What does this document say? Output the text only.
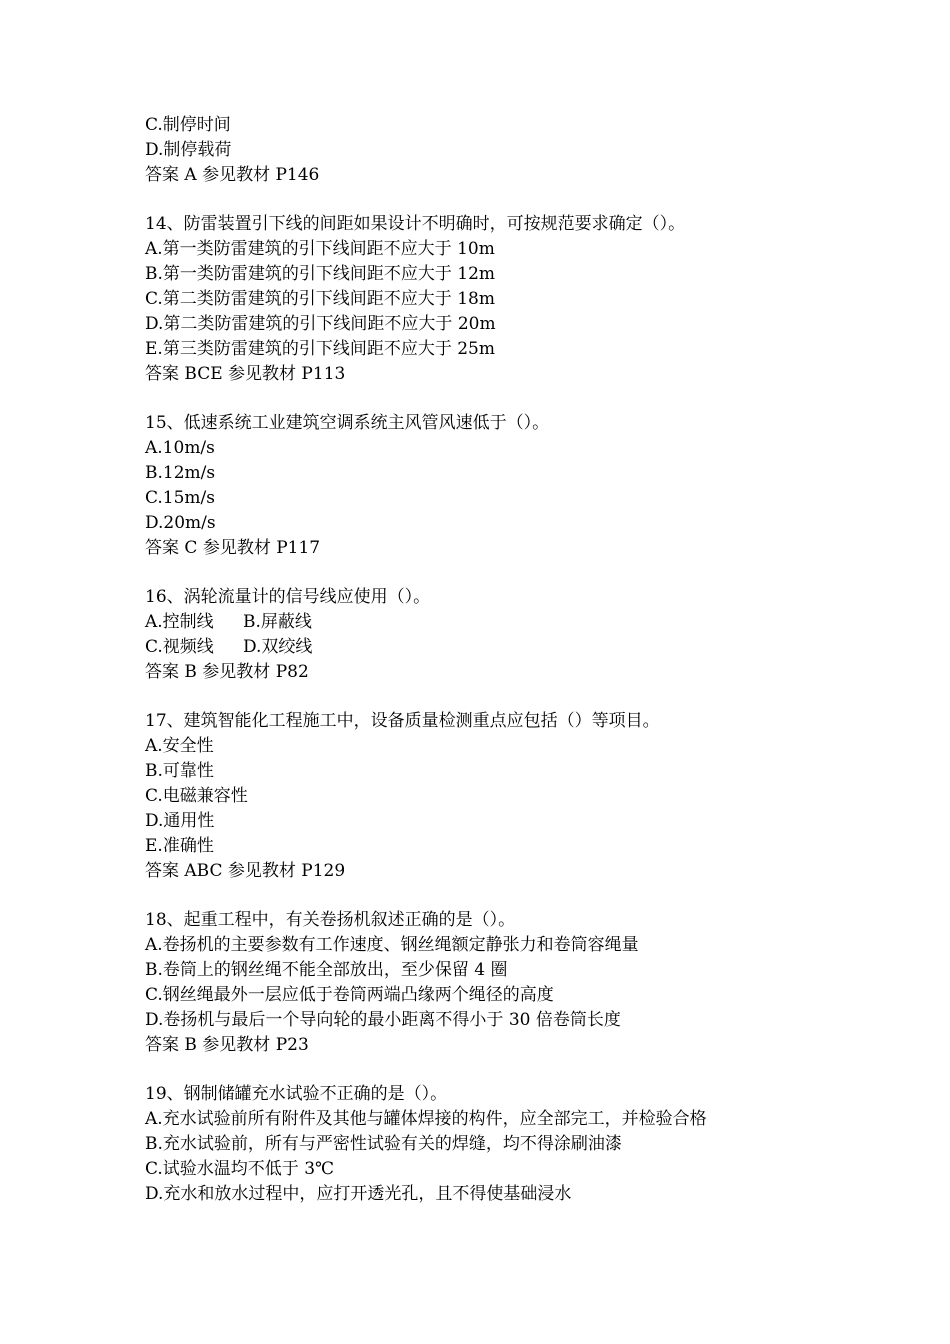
C.制停时间
D.制停载荷
答案 A 参见教材 P146
14、防雷装置引下线的间距如果设计不明确时，可按规范要求确定（）。
A.第一类防雷建筑的引下线间距不应大于 10m
B.第一类防雷建筑的引下线间距不应大于 12m
C.第二类防雷建筑的引下线间距不应大于 18m
D.第二类防雷建筑的引下线间距不应大于 20m
E.第三类防雷建筑的引下线间距不应大于 25m
答案 BCE 参见教材 P113
15、低速系统工业建筑空调系统主风管风速低于（）。
A.10m/s
B.12m/s
C.15m/s
D.20m/s
答案 C 参见教材 P117
16、涡轮流量计的信号线应使用（）。
A.控制线 B.屏蔽线
C.视频线 D.双绞线
答案 B 参见教材 P82
17、建筑智能化工程施工中，设备质量检测重点应包括（）等项目。
A.安全性
B.可靠性
C.电磁兼容性
D.通用性
E.准确性
答案 ABC 参见教材 P129
18、起重工程中，有关卷扬机叙述正确的是（）。
A.卷扬机的主要参数有工作速度、钢丝绳额定静张力和卷筒容绳量
B.卷筒上的钢丝绳不能全部放出，至少保留 4 圈
C.钢丝绳最外一层应低于卷筒两端凸缘两个绳径的高度
D.卷扬机与最后一个导向轮的最小距离不得小于 30 倍卷筒长度
答案 B 参见教材 P23
19、钢制储罐充水试验不正确的是（）。
A.充水试验前所有附件及其他与罐体焊接的构件，应全部完工，并检验合格
B.充水试验前，所有与严密性试验有关的焊缝，均不得涂刷油漆
C.试验水温均不低于 3℃
D.充水和放水过程中，应打开透光孔，且不得使基础浸水
